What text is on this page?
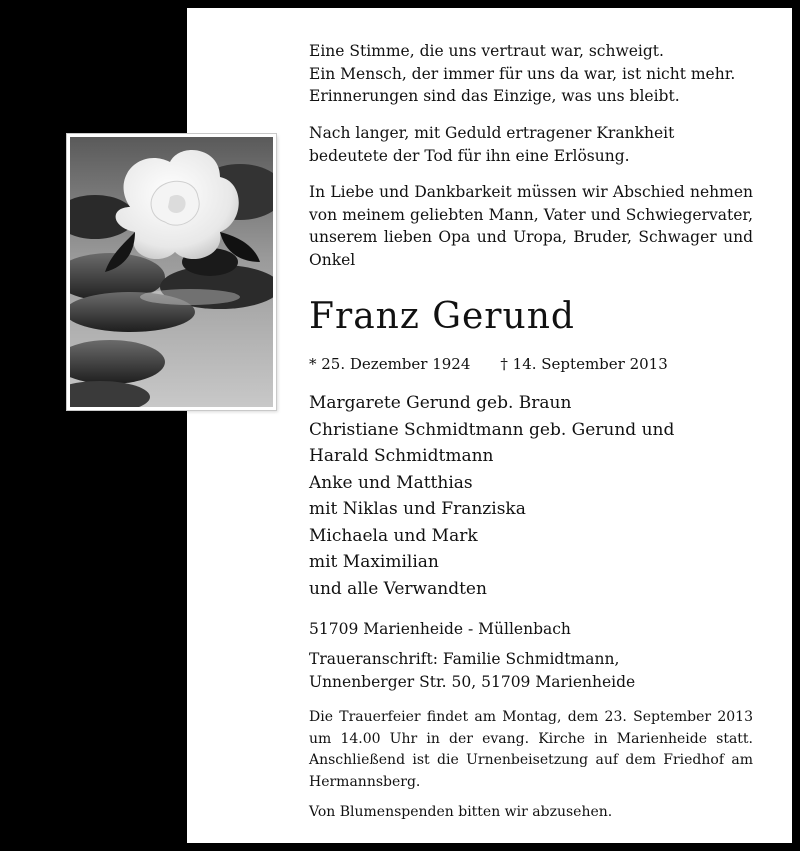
Eine Stimme, die uns vertraut war, schweigt.
Ein Mensch, der immer für uns da war, ist nicht mehr.
Erinnerungen sind das Einzige, was uns bleibt.
Nach langer, mit Geduld ertragener Krankheit
bedeutete der Tod für ihn eine Erlösung.
In Liebe und Dankbarkeit müssen wir Abschied nehmen von meinem geliebten Mann, Vater und Schwiegervater, unserem lieben Opa und Uropa, Bruder, Schwager und Onkel
Franz Gerund
* 25. Dezember 1924 † 14. September 2013
Margarete Gerund geb. Braun
Christiane Schmidtmann geb. Gerund und
Harald Schmidtmann
Anke und Matthias
mit Niklas und Franziska
Michaela und Mark
mit Maximilian
und alle Verwandten
51709 Marienheide - Müllenbach
Traueranschrift: Familie Schmidtmann,
Unnenberger Str. 50, 51709 Marienheide
Die Trauerfeier findet am Montag, dem 23. September 2013 um 14.00 Uhr in der evang. Kirche in Marienheide statt. Anschließend ist die Urnenbeisetzung auf dem Friedhof am Hermannsberg.
Von Blumenspenden bitten wir abzusehen.
